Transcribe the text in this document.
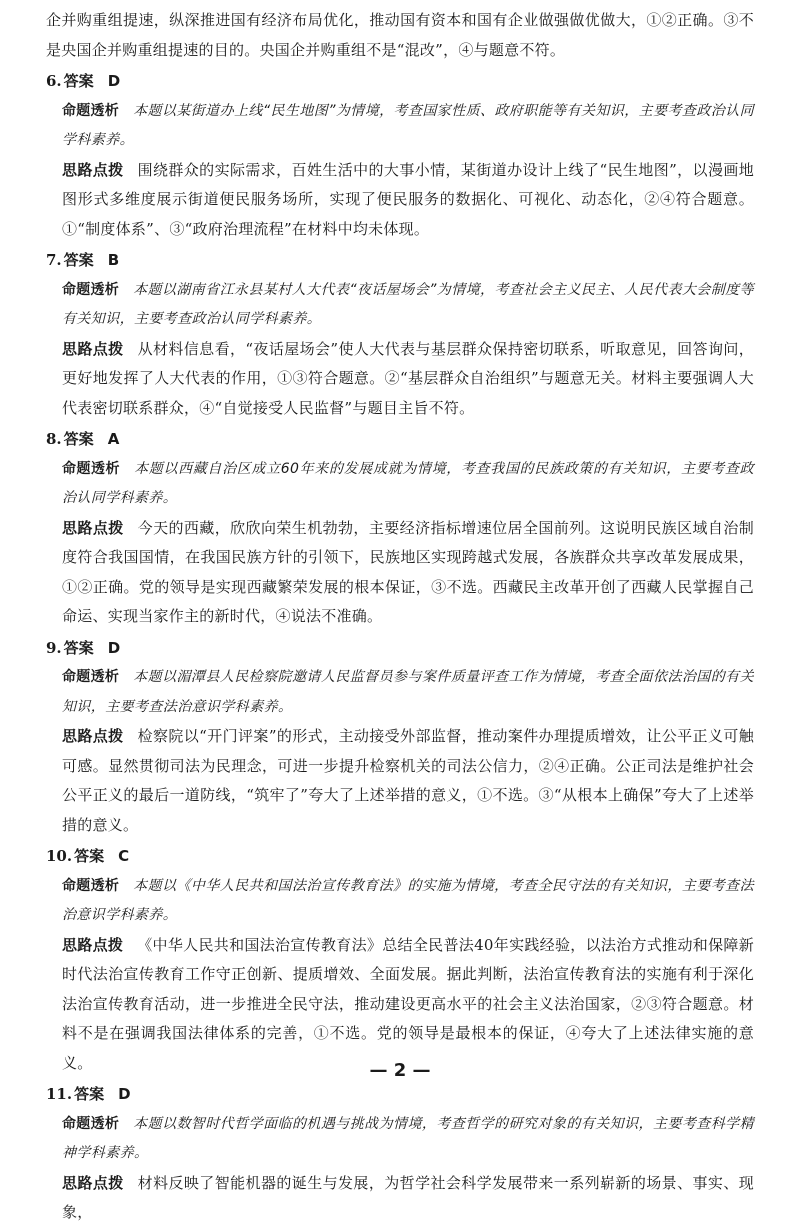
企并购重组提速，纵深推进国有经济布局优化，推动国有资本和国有企业做强做优做大，①②正确。③不是央国企并购重组提速的目的。央国企并购重组不是“混改”，④与题意不符。

6. 答案 D

命题透析 本题以某街道办上线“民生地图”为情境，考查国家性质、政府职能等有关知识，主要考查政治认同学科素养。

思路点拨 围绕群众的实际需求，百姓生活中的大事小情，某街道办设计上线了“民生地图”，以漫画地图形式多维度展示街道便民服务场所，实现了便民服务的数据化、可视化、动态化，②④符合题意。①“制度体系”、③“政府治理流程”在材料中均未体现。

7. 答案 B

命题透析 本题以湖南省江永县某村人大代表“夜话屋场会”为情境，考查社会主义民主、人民代表大会制度等有关知识，主要考查政治认同学科素养。

思路点拨 从材料信息看，“夜话屋场会”使人大代表与基层群众保持密切联系，听取意见，回答询问，更好地发挥了人大代表的作用，①③符合题意。②“基层群众自治组织”与题意无关。材料主要强调人大代表密切联系群众，④“自觉接受人民监督”与题目主旨不符。

8. 答案 A

命题透析 本题以西藏自治区成立60年来的发展成就为情境，考查我国的民族政策的有关知识，主要考查政治认同学科素养。

思路点拨 今天的西藏，欣欣向荣生机勃勃，主要经济指标增速位居全国前列。这说明民族区域自治制度符合我国国情，在我国民族方针的引领下，民族地区实现跨越式发展，各族群众共享改革发展成果，①②正确。党的领导是实现西藏繁荣发展的根本保证，③不选。西藏民主改革开创了西藏人民掌握自己命运、实现当家作主的新时代，④说法不准确。

9. 答案 D

命题透析 本题以湄潭县人民检察院邀请人民监督员参与案件质量评查工作为情境，考查全面依法治国的有关知识，主要考查法治意识学科素养。

思路点拨 检察院以“开门评案”的形式，主动接受外部监督，推动案件办理提质增效，让公平正义可触可感。显然贯彻司法为民理念，可进一步提升检察机关的司法公信力，②④正确。公正司法是维护社会公平正义的最后一道防线，“筑牢了”夸大了上述举措的意义，①不选。③“从根本上确保”夸大了上述举措的意义。

10. 答案 C

命题透析 本题以《中华人民共和国法治宣传教育法》的实施为情境，考查全民守法的有关知识，主要考查法治意识学科素养。

思路点拨 《中华人民共和国法治宣传教育法》总结全民普法40年实践经验，以法治方式推动和保障新时代法治宣传教育工作守正创新、提质增效、全面发展。据此判断，法治宣传教育法的实施有利于深化法治宣传教育活动，进一步推进全民守法，推动建设更高水平的社会主义法治国家，②③符合题意。材料不是在强调我国法律体系的完善，①不选。党的领导是最根本的保证，④夸大了上述法律实施的意义。

11. 答案 D

命题透析 本题以数智时代哲学面临的机遇与挑战为情境，考查哲学的研究对象的有关知识，主要考查科学精神学科素养。

思路点拨 材料反映了智能机器的诞生与发展，为哲学社会科学发展带来一系列崭新的场景、事实、现象，

— 2 —
